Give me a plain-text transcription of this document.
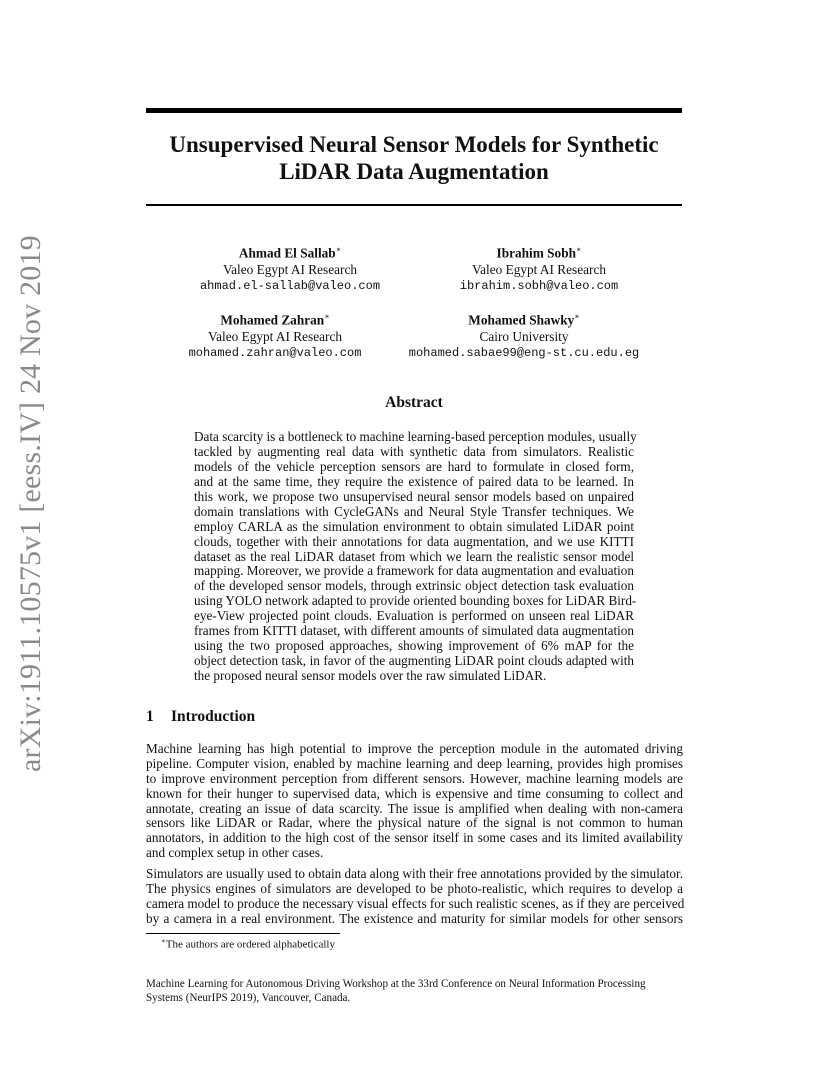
arXiv:1911.10575v1 [eess.IV] 24 Nov 2019
Unsupervised Neural Sensor Models for Synthetic
LiDAR Data Augmentation
Ahmad El Sallab∗
Valeo Egypt AI Research
ahmad.el-sallab@valeo.com
Ibrahim Sobh∗
Valeo Egypt AI Research
ibrahim.sobh@valeo.com
Mohamed Zahran∗
Valeo Egypt AI Research
mohamed.zahran@valeo.com
Mohamed Shawky∗
Cairo University
mohamed.sabae99@eng-st.cu.edu.eg
Abstract
Data scarcity is a bottleneck to machine learning-based perception modules, usually
tackled by augmenting real data with synthetic data from simulators. Realistic
models of the vehicle perception sensors are hard to formulate in closed form,
and at the same time, they require the existence of paired data to be learned. In
this work, we propose two unsupervised neural sensor models based on unpaired
domain translations with CycleGANs and Neural Style Transfer techniques. We
employ CARLA as the simulation environment to obtain simulated LiDAR point
clouds, together with their annotations for data augmentation, and we use KITTI
dataset as the real LiDAR dataset from which we learn the realistic sensor model
mapping. Moreover, we provide a framework for data augmentation and evaluation
of the developed sensor models, through extrinsic object detection task evaluation
using YOLO network adapted to provide oriented bounding boxes for LiDAR Bird-
eye-View projected point clouds. Evaluation is performed on unseen real LiDAR
frames from KITTI dataset, with different amounts of simulated data augmentation
using the two proposed approaches, showing improvement of 6% mAP for the
object detection task, in favor of the augmenting LiDAR point clouds adapted with
the proposed neural sensor models over the raw simulated LiDAR.
1 Introduction
Machine learning has high potential to improve the perception module in the automated driving
pipeline. Computer vision, enabled by machine learning and deep learning, provides high promises
to improve environment perception from different sensors. However, machine learning models are
known for their hunger to supervised data, which is expensive and time consuming to collect and
annotate, creating an issue of data scarcity. The issue is amplified when dealing with non-camera
sensors like LiDAR or Radar, where the physical nature of the signal is not common to human
annotators, in addition to the high cost of the sensor itself in some cases and its limited availability
and complex setup in other cases.
Simulators are usually used to obtain data along with their free annotations provided by the simulator.
The physics engines of simulators are developed to be photo-realistic, which requires to develop a
camera model to produce the necessary visual effects for such realistic scenes, as if they are perceived
by a camera in a real environment. The existence and maturity for similar models for other sensors
∗The authors are ordered alphabetically
Machine Learning for Autonomous Driving Workshop at the 33rd Conference on Neural Information Processing
Systems (NeurIPS 2019), Vancouver, Canada.
